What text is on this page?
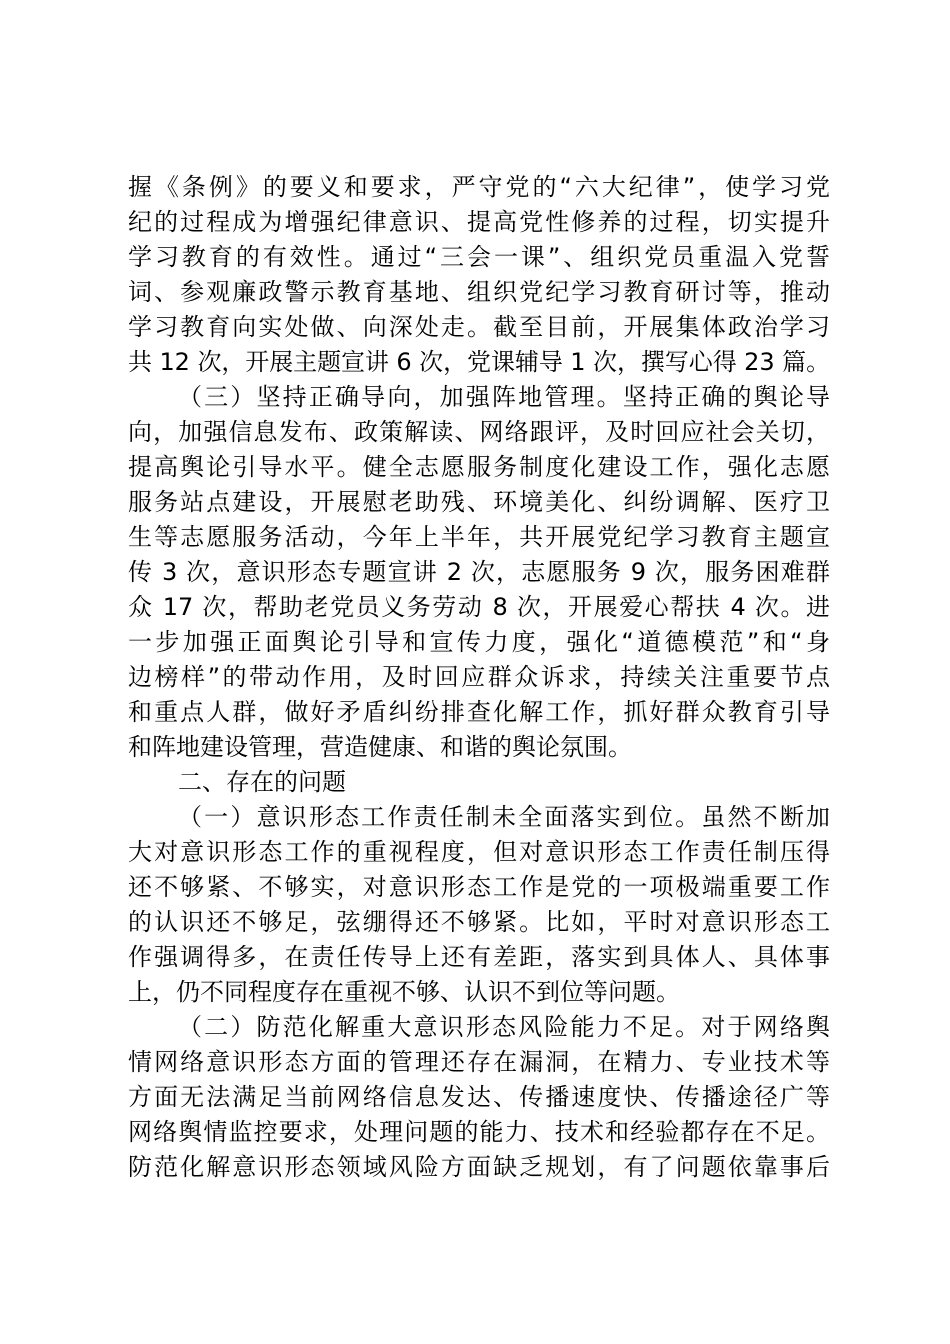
握《条例》的要义和要求，严守党的“六大纪律”，使学习党
纪的过程成为增强纪律意识、提高党性修养的过程，切实提升
学习教育的有效性。通过“三会一课”、组织党员重温入党誓
词、参观廉政警示教育基地、组织党纪学习教育研讨等，推动
学习教育向实处做、向深处走。截至目前，开展集体政治学习
共 12 次，开展主题宣讲 6 次，党课辅导 1 次，撰写心得 23 篇。
（三）坚持正确导向，加强阵地管理。坚持正确的舆论导
向，加强信息发布、政策解读、网络跟评，及时回应社会关切，
提高舆论引导水平。健全志愿服务制度化建设工作，强化志愿
服务站点建设，开展慰老助残、环境美化、纠纷调解、医疗卫
生等志愿服务活动，今年上半年，共开展党纪学习教育主题宣
传 3 次，意识形态专题宣讲 2 次，志愿服务 9 次，服务困难群
众 17 次，帮助老党员义务劳动 8 次，开展爱心帮扶 4 次。进
一步加强正面舆论引导和宣传力度，强化“道德模范”和“身
边榜样”的带动作用，及时回应群众诉求，持续关注重要节点
和重点人群，做好矛盾纠纷排查化解工作，抓好群众教育引导
和阵地建设管理，营造健康、和谐的舆论氛围。
二、存在的问题
（一）意识形态工作责任制未全面落实到位。虽然不断加
大对意识形态工作的重视程度，但对意识形态工作责任制压得
还不够紧、不够实，对意识形态工作是党的一项极端重要工作
的认识还不够足，弦绷得还不够紧。比如，平时对意识形态工
作强调得多，在责任传导上还有差距，落实到具体人、具体事
上，仍不同程度存在重视不够、认识不到位等问题。
（二）防范化解重大意识形态风险能力不足。对于网络舆
情网络意识形态方面的管理还存在漏洞，在精力、专业技术等
方面无法满足当前网络信息发达、传播速度快、传播途径广等
网络舆情监控要求，处理问题的能力、技术和经验都存在不足。
防范化解意识形态领域风险方面缺乏规划，有了问题依靠事后
